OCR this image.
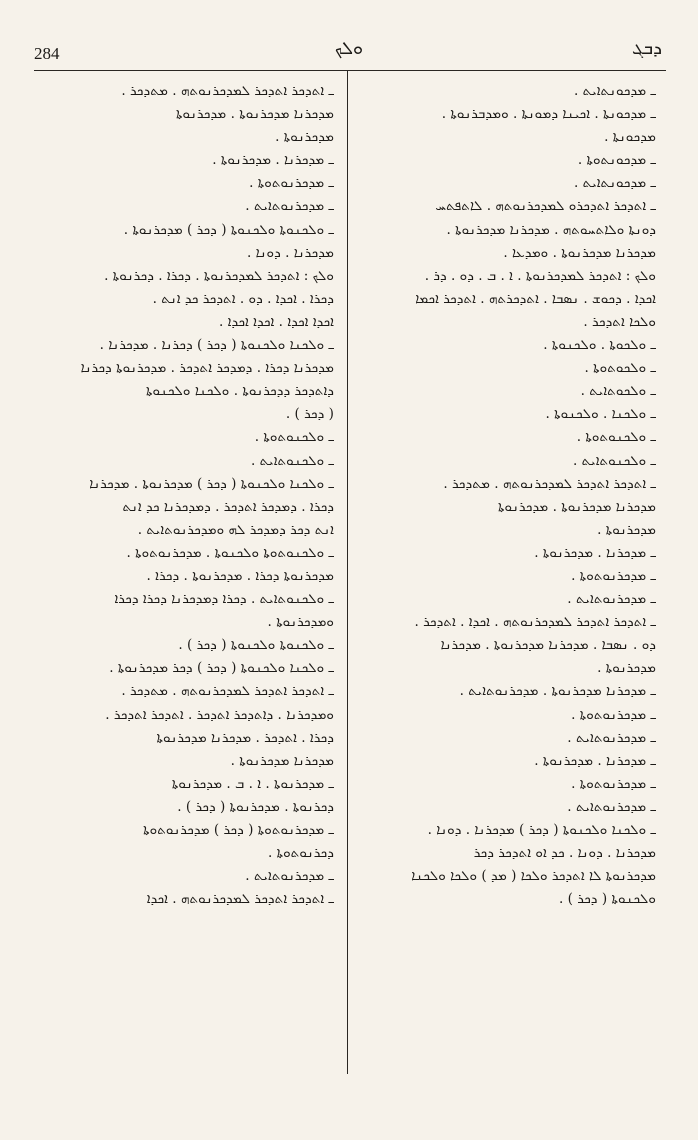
284	ܘܠܟ	ܕܒܓ
ـ ܡܕܟܘܢܬܐܝܬ .
ـ ܡܕܟܘܢܬܐ . ܐܟܝܢܐ ܕܡܘܢܬܐ . ܘܡܕܒܪܢܘܬܐ .
ܡܕܟܘܢܬܐ .
ـ ܡܕܟܘܢܬܘܬܐ .
ـ ܡܕܟܘܢܬܐܝܬ .
ـ ܐܬܕܟܪ ܐܬܕܟܪܘ ܠܡܕܟܪܢܘܬܗ . ܠܐܬܦܬܚ
ܕܘܢܬܐ ܘܠܐܬܚܘܬܗ . ܡܕܟܪܢܐ ܡܕܟܪܢܘܬܐ .
ܡܕܟܪܢܐ ܡܕܟܪܢܘܬܐ . ܘܡܕܥܐ .
ܘܠܟ : ܐܬܕܟܪ ܠܡܕܟܪܢܘܬܐ . ܐ . ܒ . ܕܘ . ܕܪ .
ܐܟܕܐ . ܕܟܘܫ . ܢܣܒܐ . ܐܬܕܟܪܬܗ . ܐܬܕܟܪ ܐܟܡܐ
ܘܠܟܐ ܐܬܕܟܪ .
ـ ܘܠܟܘܬܐ . ܘܠܟܢܘܬܐ .
ـ ܘܠܟܘܬܘܬܐ .
ـ ܘܠܟܘܬܐܝܬ .
ـ ܘܠܟܢܐ . ܘܠܟܢܘܬܐ .
ـ ܘܠܟܢܘܬܘܬܐ .
ـ ܘܠܟܢܘܬܐܝܬ .
ـ ܐܬܕܟܪ ܐܬܕܟܪ ܠܡܕܟܪܢܘܬܗ . ܡܬܕܟܪ .
ܡܕܟܪܢܐ ܡܕܟܪܢܘܬܐ . ܡܕܟܪܢܘܬܐ
ܡܕܟܪܢܘܬܐ .
ـ ܡܕܟܪܢܐ . ܡܕܟܪܢܘܬܐ .
ـ ܡܕܟܪܢܘܬܘܬܐ .
ـ ܡܕܟܪܢܘܬܐܝܬ .
ـ ܐܬܕܟܪ ܐܬܕܟܪ ܠܡܕܟܪܢܘܬܗ . ܐܟܕܐ . ܐܬܕܟܪ .
ܕܘ . ܢܣܒܐ . ܡܕܟܪܢܐ ܡܕܟܪܢܘܬܐ . ܡܕܟܪܢܐ
ܡܕܟܪܢܘܬܐ .
ـ ܡܕܟܪܢܐ ܡܕܟܪܢܘܬܐ . ܡܕܟܪܢܘܬܐܝܬ .
ـ ܡܕܟܪܢܘܬܘܬܐ .
ـ ܡܕܟܪܢܘܬܐܝܬ .
ـ ܡܕܟܪܢܐ . ܡܕܟܪܢܘܬܐ .
ـ ܡܕܟܪܢܘܬܘܬܐ .
ـ ܡܕܟܪܢܘܬܐܝܬ .
ـ ܘܠܟܢܐ ܘܠܟܢܘܬܐ ( ܕܟܪ ) ܡܕܟܪܢܐ . ܕܘܢܐ .
ܡܕܟܪܢܐ . ܕܘܢܐ . ܟܕ ܐܘ ܐܬܕܟܪ ܕܟܪ
ܡܕܟܪܢܘܬܐ ܠܐ ܐܬܕܟܪ ܘܠܟܐ ( ܡܕ ) ܘܠܟܐ ܘܠܟܢܐ
ܘܠܟܢܘܬܐ ( ܕܟܪ ) .
ـ ܐܬܕܟܪ ܐܬܕܟܪ ܠܡܕܟܪܢܘܬܗ . ܡܬܕܟܪ .
ܡܕܟܪܢܐ ܡܕܟܪܢܘܬܐ . ܡܕܟܪܢܘܬܐ
ܡܕܟܪܢܘܬܐ .
ـ ܡܕܟܪܢܐ . ܡܕܟܪܢܘܬܐ .
ـ ܡܕܟܪܢܘܬܘܬܐ .
ـ ܡܕܟܪܢܘܬܐܝܬ .
ـ ܘܠܟܢܘܬܐ ܘܠܟܢܘܬܐ ( ܕܟܪ ) ܡܕܟܪܢܘܬܐ .
ܡܕܟܪܢܐ . ܕܘܢܐ .
ܘܠܟ : ܐܬܕܟܪ ܠܡܕܟܪܢܘܬܐ . ܕܟܪܐ . ܕܟܪܢܘܬܐ .
ܕܟܪܐ . ܐܟܕܐ . ܕܘ . ܐܬܕܟܪ ܟܕ ܐܢܬ .
ܐܟܕܐ ܐܟܕܐ . ܐܟܕܐ ܐܟܕܐ .
ـ ܘܠܟܢܐ ܘܠܟܢܘܬܐ ( ܕܟܪ ) ܕܟܪܢܐ . ܡܕܟܪܢܐ .
ܡܕܟܪܢܐ ܕܟܪܐ . ܕܡܕܟܪ ܐܬܕܟܪ . ܡܕܟܪܢܘܬܐ ܕܟܪܢܐ
ܕܐܬܕܟܪ ܕܕܟܪܢܘܬܐ . ܘܠܟܢܐ ܘܠܟܢܘܬܐ
( ܕܟܪ ) .
ـ ܘܠܟܢܘܬܘܬܐ .
ـ ܘܠܟܢܘܬܐܝܬ .
ـ ܘܠܟܢܐ ܘܠܟܢܘܬܐ ( ܕܟܪ ) ܡܕܟܪܢܘܬܐ . ܡܕܟܪܢܐ
ܕܟܪܐ . ܕܡܕܟܪ ܐܬܕܟܪ . ܕܡܕܟܪܢܐ ܟܕ ܐܢܬ
ܐܢܬ ܕܟܪ ܕܡܕܟܪ ܠܗ ܘܡܕܟܪܢܘܬܐܝܬ .
ـ ܘܠܟܢܘܬܘܬܐ ܘܠܟܢܘܬܐ . ܡܕܟܪܢܘܬܘܬܐ .
ܡܕܟܪܢܘܬܐ ܕܟܪܐ . ܡܕܟܪܢܘܬܐ . ܕܟܪܐ .
ـ ܘܠܟܢܘܬܐܝܬ . ܕܟܪܐ ܕܡܕܟܪܢܐ ܕܟܪܐ ܕܟܪܐ
ܘܡܕܟܪܢܘܬܐ .
ـ ܘܠܟܢܘܬܐ ܘܠܟܢܘܬܐ ( ܕܟܪ ) .
ـ ܘܠܟܢܐ ܘܠܟܢܘܬܐ ( ܕܟܪ ) ܕܟܪ ܡܕܟܪܢܘܬܐ .
ـ ܐܬܕܟܪ ܐܬܕܟܪ ܠܡܕܟܪܢܘܬܗ . ܡܬܕܟܪ .
ܘܡܕܟܪܢܐ . ܕܐܬܕܟܪ ܐܬܕܟܪ . ܐܬܕܟܪ ܐܬܕܟܪ .
ܕܟܪܐ . ܐܬܕܟܪ . ܡܕܟܪܢܐ ܡܕܟܪܢܘܬܐ
ܡܕܟܪܢܐ ܡܕܟܪܢܘܬܐ .
ـ ܡܕܟܪܢܘܬܐ . ܐ . ܒ . ܡܕܟܪܢܘܬܐ
ܕܟܪܢܘܬܐ . ܡܕܟܪܢܘܬܐ ( ܕܟܪ ) .
ـ ܡܕܟܪܢܘܬܘܬܐ ( ܕܟܪ ) ܡܕܟܪܢܘܬܘܬܐ
ܕܟܪܢܘܬܘܬܐ .
ـ ܡܕܟܪܢܘܬܐܝܬ .
ـ ܐܬܕܟܪ ܐܬܕܟܪ ܠܡܕܟܪܢܘܬܗ . ܐܟܕܐ
